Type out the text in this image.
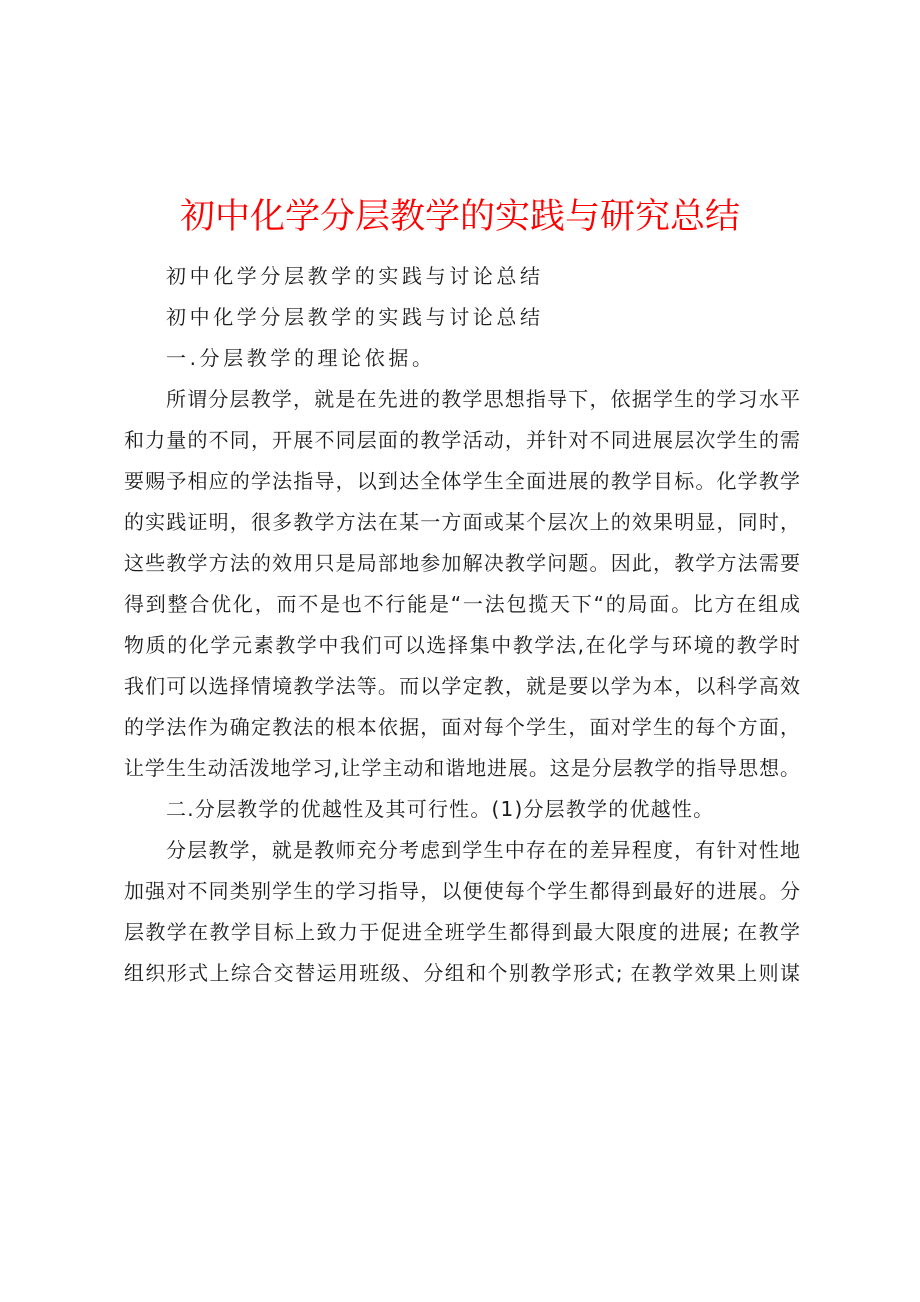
初中化学分层教学的实践与研究总结
初中化学分层教学的实践与讨论总结
初中化学分层教学的实践与讨论总结
一.分层教学的理论依据。
所谓分层教学，就是在先进的教学思想指导下，依据学生的学习水平
和力量的不同，开展不同层面的教学活动，并针对不同进展层次学生的需
要赐予相应的学法指导，以到达全体学生全面进展的教学目标。化学教学
的实践证明，很多教学方法在某一方面或某个层次上的效果明显，同时，
这些教学方法的效用只是局部地参加解决教学问题。因此，教学方法需要
得到整合优化，而不是也不行能是“一法包揽天下“的局面。比方在组成
物质的化学元素教学中我们可以选择集中教学法,在化学与环境的教学时
我们可以选择情境教学法等。而以学定教，就是要以学为本，以科学高效
的学法作为确定教法的根本依据，面对每个学生，面对学生的每个方面，
让学生生动活泼地学习,让学主动和谐地进展。这是分层教学的指导思想。
二.分层教学的优越性及其可行性。(1)分层教学的优越性。
分层教学，就是教师充分考虑到学生中存在的差异程度，有针对性地
加强对不同类别学生的学习指导，以便使每个学生都得到最好的进展。分
层教学在教学目标上致力于促进全班学生都得到最大限度的进展; 在教学
组织形式上综合交替运用班级、分组和个别教学形式; 在教学效果上则谋
